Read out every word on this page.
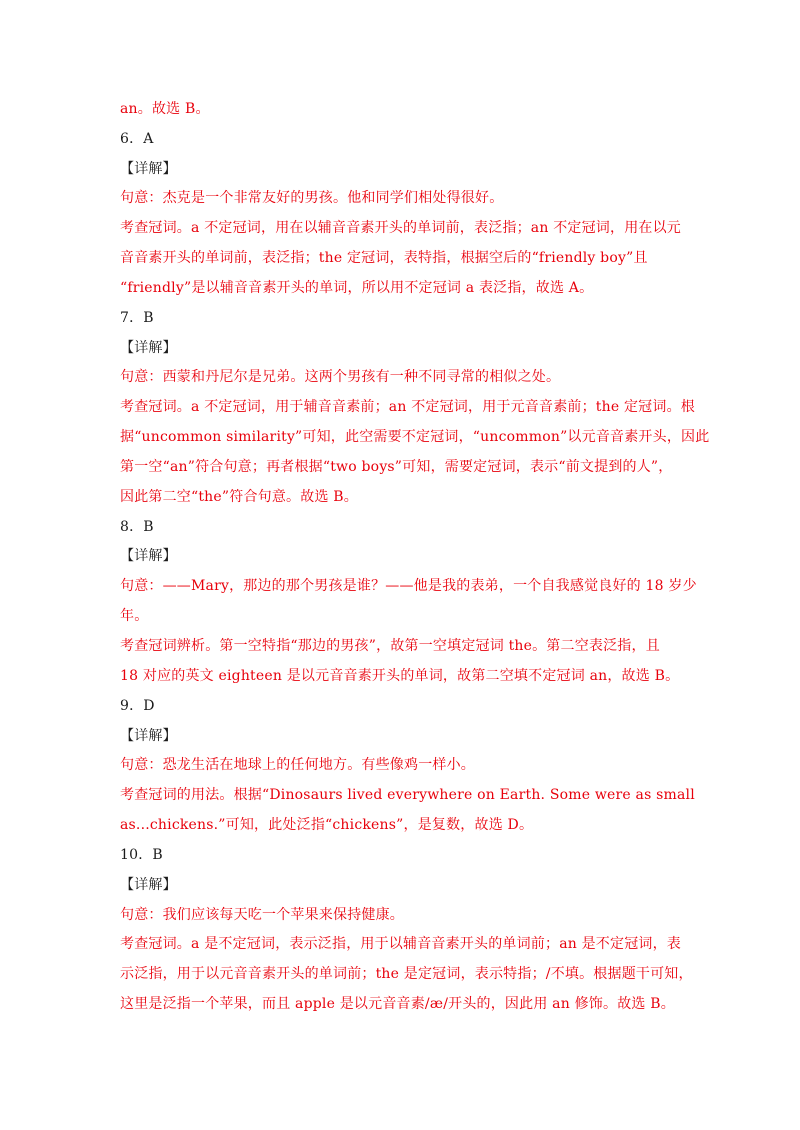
an。故选 B。
6．A
【详解】
句意：杰克是一个非常友好的男孩。他和同学们相处得很好。
考查冠词。a 不定冠词，用在以辅音音素开头的单词前，表泛指；an 不定冠词，用在以元
音音素开头的单词前，表泛指；the 定冠词，表特指，根据空后的“friendly boy”且
“friendly”是以辅音音素开头的单词，所以用不定冠词 a 表泛指，故选 A。
7．B
【详解】
句意：西蒙和丹尼尔是兄弟。这两个男孩有一种不同寻常的相似之处。
考查冠词。a 不定冠词，用于辅音音素前；an 不定冠词，用于元音音素前；the 定冠词。根
据“uncommon similarity”可知，此空需要不定冠词，“uncommon”以元音音素开头，因此
第一空“an”符合句意；再者根据“two boys”可知，需要定冠词，表示“前文提到的人”，
因此第二空“the”符合句意。故选 B。
8．B
【详解】
句意：——Mary，那边的那个男孩是谁？——他是我的表弟，一个自我感觉良好的 18 岁少
年。
考查冠词辨析。第一空特指“那边的男孩”，故第一空填定冠词 the。第二空表泛指，且
18 对应的英文 eighteen 是以元音音素开头的单词，故第二空填不定冠词 an，故选 B。
9．D
【详解】
句意：恐龙生活在地球上的任何地方。有些像鸡一样小。
考查冠词的用法。根据“Dinosaurs lived everywhere on Earth. Some were as small
as...chickens.”可知，此处泛指“chickens”，是复数，故选 D。
10．B
【详解】
句意：我们应该每天吃一个苹果来保持健康。
考查冠词。a 是不定冠词，表示泛指，用于以辅音音素开头的单词前；an 是不定冠词，表
示泛指，用于以元音音素开头的单词前；the 是定冠词，表示特指；/不填。根据题干可知，
这里是泛指一个苹果，而且 apple 是以元音音素/æ/开头的，因此用 an 修饰。故选 B。
